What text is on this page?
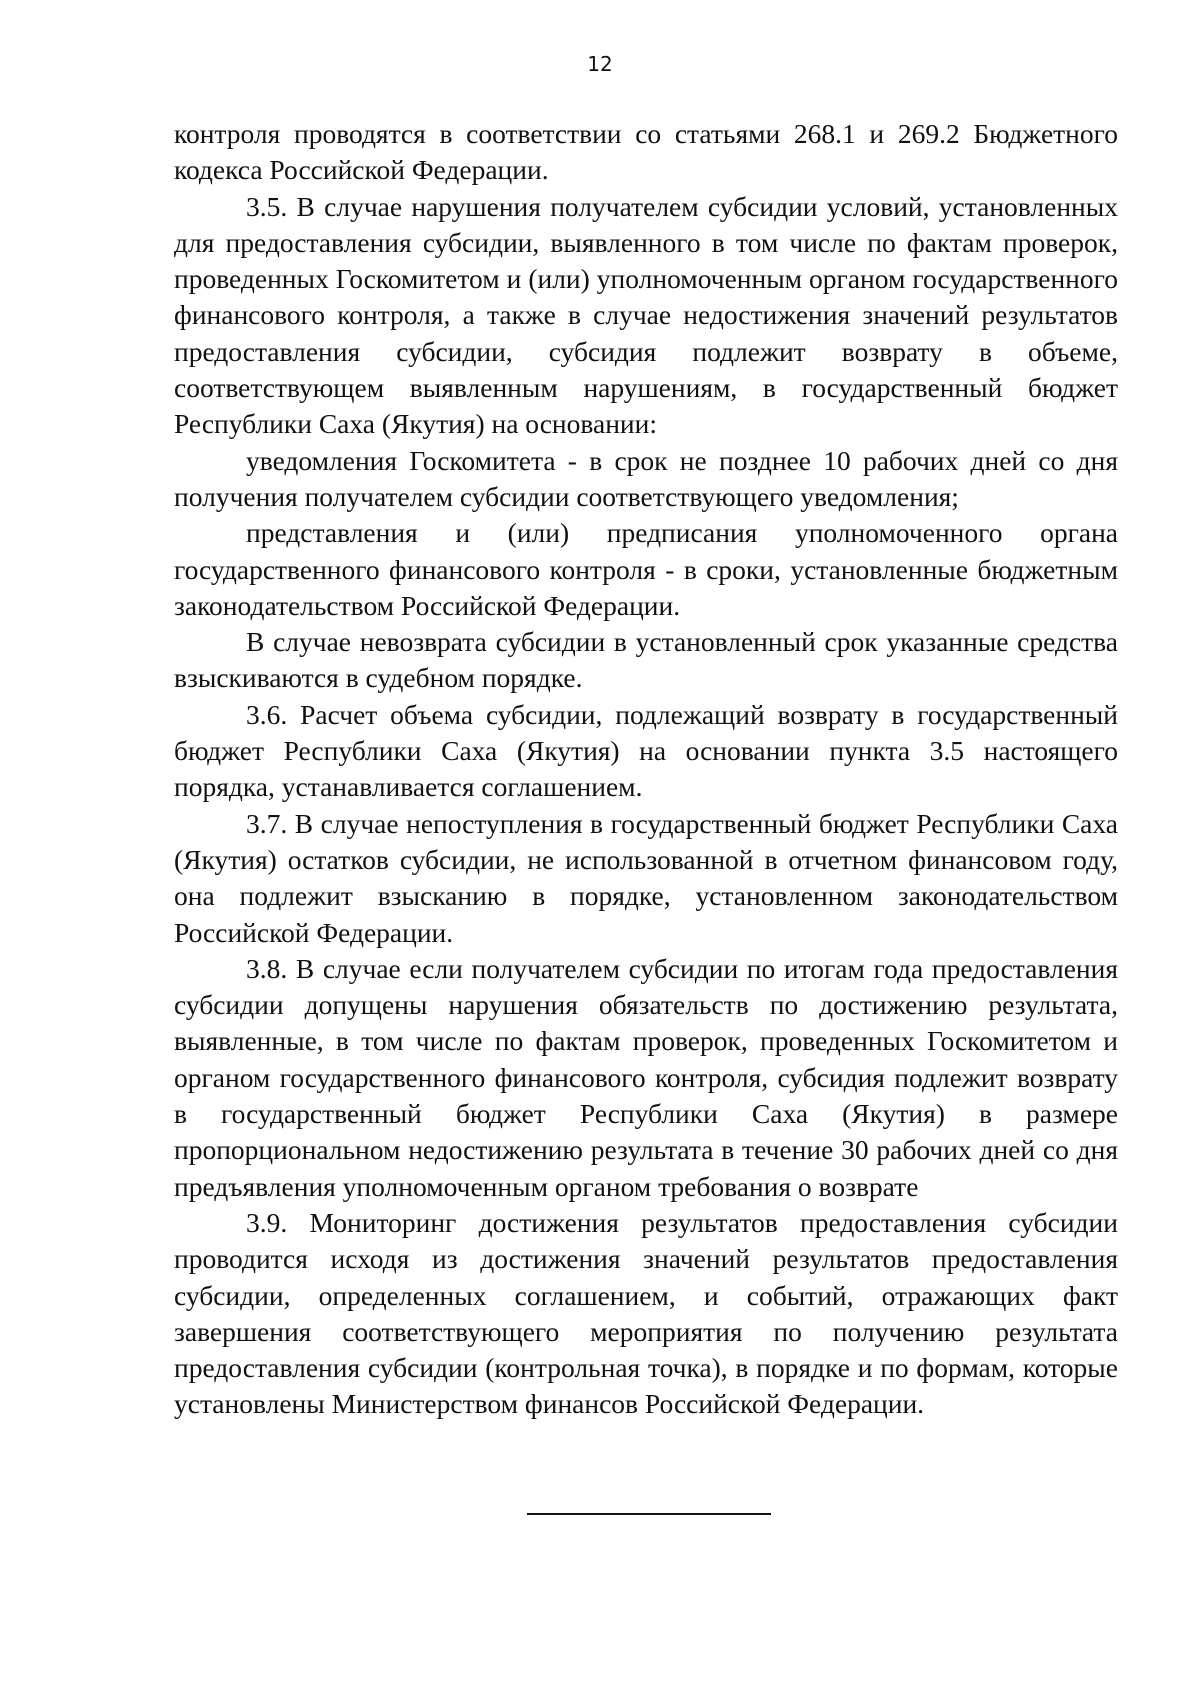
12

контроля проводятся в соответствии со статьями 268.1 и 269.2 Бюджетного кодекса Российской Федерации.

3.5. В случае нарушения получателем субсидии условий, установленных для предоставления субсидии, выявленного в том числе по фактам проверок, проведенных Госкомитетом и (или) уполномоченным органом государственного финансового контроля, а также в случае недостижения значений результатов предоставления субсидии, субсидия подлежит возврату в объеме, соответствующем выявленным нарушениям, в государственный бюджет Республики Саха (Якутия) на основании:

уведомления Госкомитета - в срок не позднее 10 рабочих дней со дня получения получателем субсидии соответствующего уведомления;

представления и (или) предписания уполномоченного органа государственного финансового контроля - в сроки, установленные бюджетным законодательством Российской Федерации.

В случае невозврата субсидии в установленный срок указанные средства взыскиваются в судебном порядке.

3.6. Расчет объема субсидии, подлежащий возврату в государственный бюджет Республики Саха (Якутия) на основании пункта 3.5 настоящего порядка, устанавливается соглашением.

3.7. В случае непоступления в государственный бюджет Республики Саха (Якутия) остатков субсидии, не использованной в отчетном финансовом году, она подлежит взысканию в порядке, установленном законодательством Российской Федерации.

3.8. В случае если получателем субсидии по итогам года предоставления субсидии допущены нарушения обязательств по достижению результата, выявленные, в том числе по фактам проверок, проведенных Госкомитетом и органом государственного финансового контроля, субсидия подлежит возврату в государственный бюджет Республики Саха (Якутия) в размере пропорциональном недостижению результата в течение 30 рабочих дней со дня предъявления уполномоченным органом требования о возврате

3.9. Мониторинг достижения результатов предоставления субсидии проводится исходя из достижения значений результатов предоставления субсидии, определенных соглашением, и событий, отражающих факт завершения соответствующего мероприятия по получению результата предоставления субсидии (контрольная точка), в порядке и по формам, которые установлены Министерством финансов Российской Федерации.
